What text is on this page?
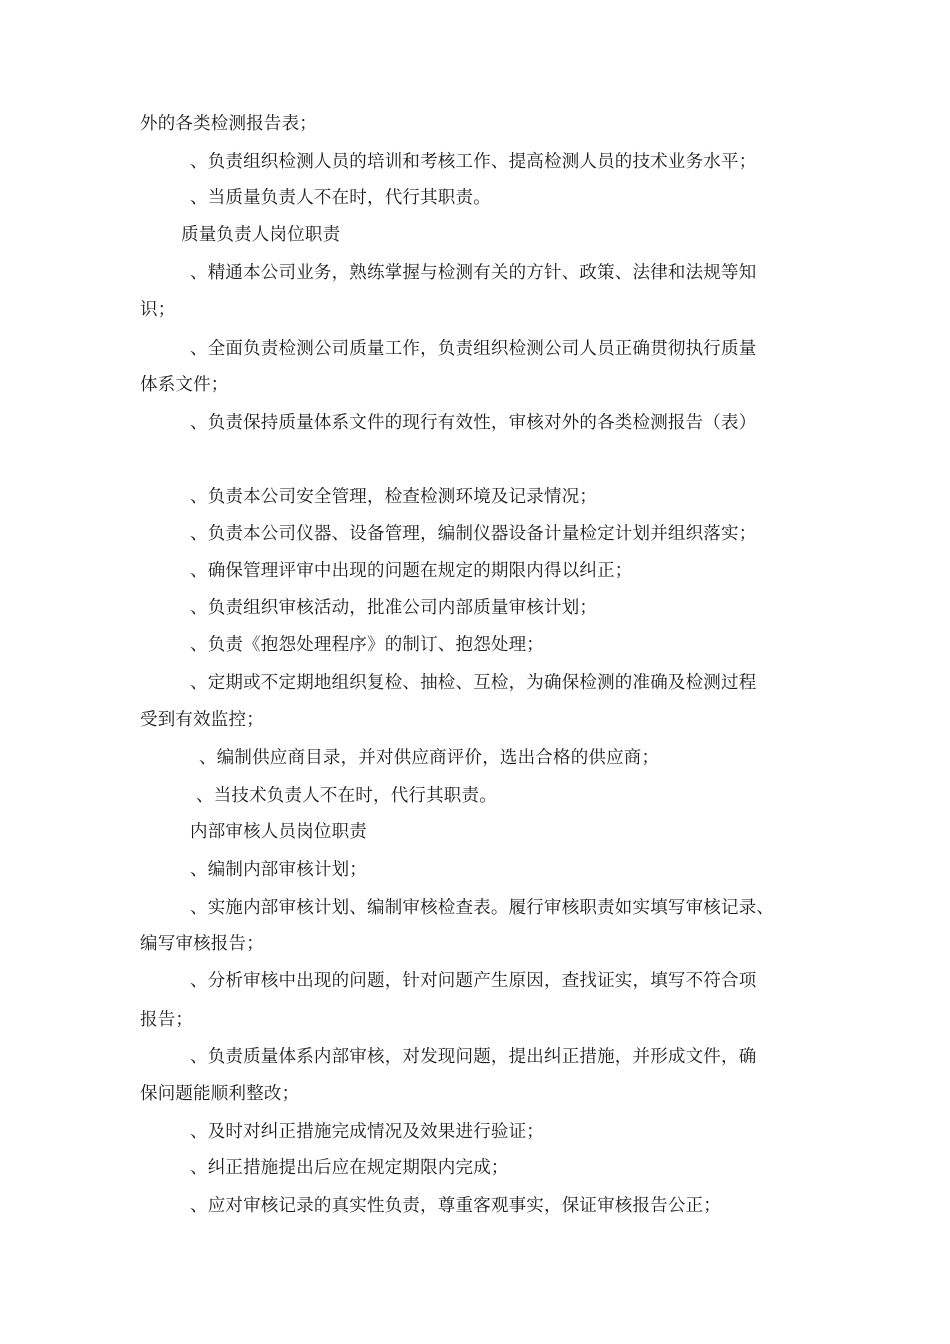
外的各类检测报告表；
、负责组织检测人员的培训和考核工作、提高检测人员的技术业务水平；
、当质量负责人不在时，代行其职责。
质量负责人岗位职责
、精通本公司业务，熟练掌握与检测有关的方针、政策、法律和法规等知
识；
、全面负责检测公司质量工作，负责组织检测公司人员正确贯彻执行质量
体系文件；
、负责保持质量体系文件的现行有效性，审核对外的各类检测报告（表）
、负责本公司安全管理，检查检测环境及记录情况；
、负责本公司仪器、设备管理，编制仪器设备计量检定计划并组织落实；
、确保管理评审中出现的问题在规定的期限内得以纠正；
、负责组织审核活动，批准公司内部质量审核计划；
、负责《抱怨处理程序》的制订、抱怨处理；
、定期或不定期地组织复检、抽检、互检，为确保检测的准确及检测过程
受到有效监控；
、编制供应商目录，并对供应商评价，选出合格的供应商；
、当技术负责人不在时，代行其职责。
内部审核人员岗位职责
、编制内部审核计划；
、实施内部审核计划、编制审核检查表。履行审核职责如实填写审核记录、
编写审核报告；
、分析审核中出现的问题，针对问题产生原因，查找证实，填写不符合项
报告；
、负责质量体系内部审核，对发现问题，提出纠正措施，并形成文件，确
保问题能顺利整改；
、及时对纠正措施完成情况及效果进行验证；
、纠正措施提出后应在规定期限内完成；
、应对审核记录的真实性负责，尊重客观事实，保证审核报告公正；
